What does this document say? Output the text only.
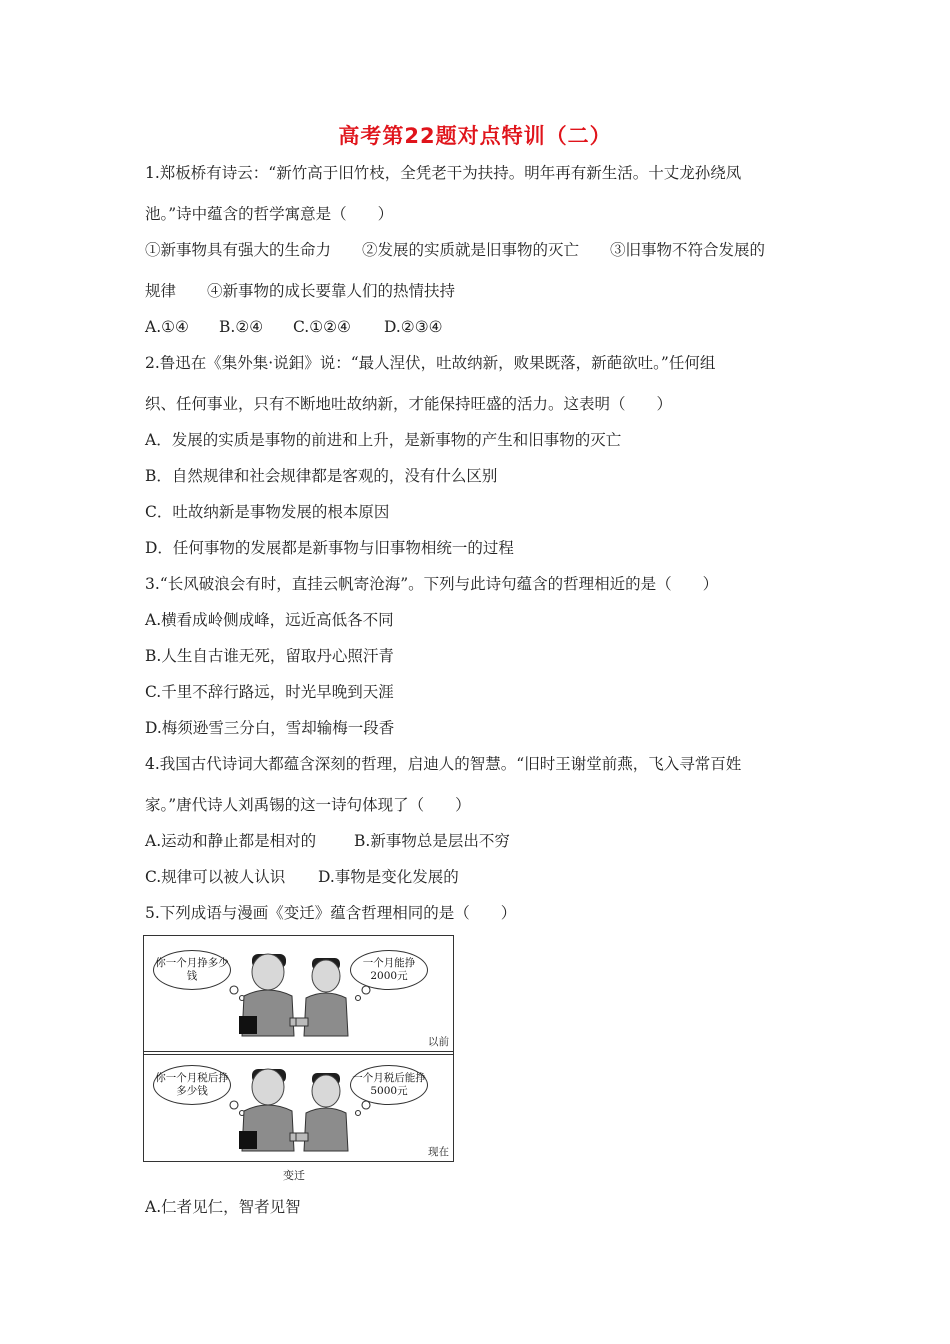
高考第22题对点特训（二）
1.郑板桥有诗云：“新竹高于旧竹枝，全凭老干为扶持。明年再有新生活。十丈龙孙绕凤
池。”诗中蕴含的哲学寓意是（　　）
①新事物具有强大的生命力　　②发展的实质就是旧事物的灭亡　　③旧事物不符合发展的
规律　　④新事物的成长要靠人们的热情扶持
A.①④ B.②④ C.①②④ D.②③④
2.鲁迅在《集外集·说鈤》说：“最人涅伏，吐故纳新，败果既落，新葩欲吐。”任何组
织、任何事业，只有不断地吐故纳新，才能保持旺盛的活力。这表明（　　）
A．发展的实质是事物的前进和上升，是新事物的产生和旧事物的灭亡
B．自然规律和社会规律都是客观的，没有什么区别
C．吐故纳新是事物发展的根本原因
D．任何事物的发展都是新事物与旧事物相统一的过程
3.“长风破浪会有时，直挂云帆寄沧海”。下列与此诗句蕴含的哲理相近的是（　　）
A.横看成岭侧成峰，远近高低各不同
B.人生自古谁无死，留取丹心照汗青
C.千里不辞行路远，时光早晚到天涯
D.梅须逊雪三分白，雪却输梅一段香
4.我国古代诗词大都蕴含深刻的哲理，启迪人的智慧。“旧时王谢堂前燕，飞入寻常百姓
家。”唐代诗人刘禹锡的这一诗句体现了（　　）
A.运动和静止都是相对的 B.新事物总是层出不穷
C.规律可以被人认识 D.事物是变化发展的
5.下列成语与漫画《变迁》蕴含哲理相同的是（　　）
你一个月挣多少钱
一个月能挣2000元
以前
你一个月税后挣多少钱
一个月税后能挣5000元
现在
变迁
A.仁者见仁，智者见智
